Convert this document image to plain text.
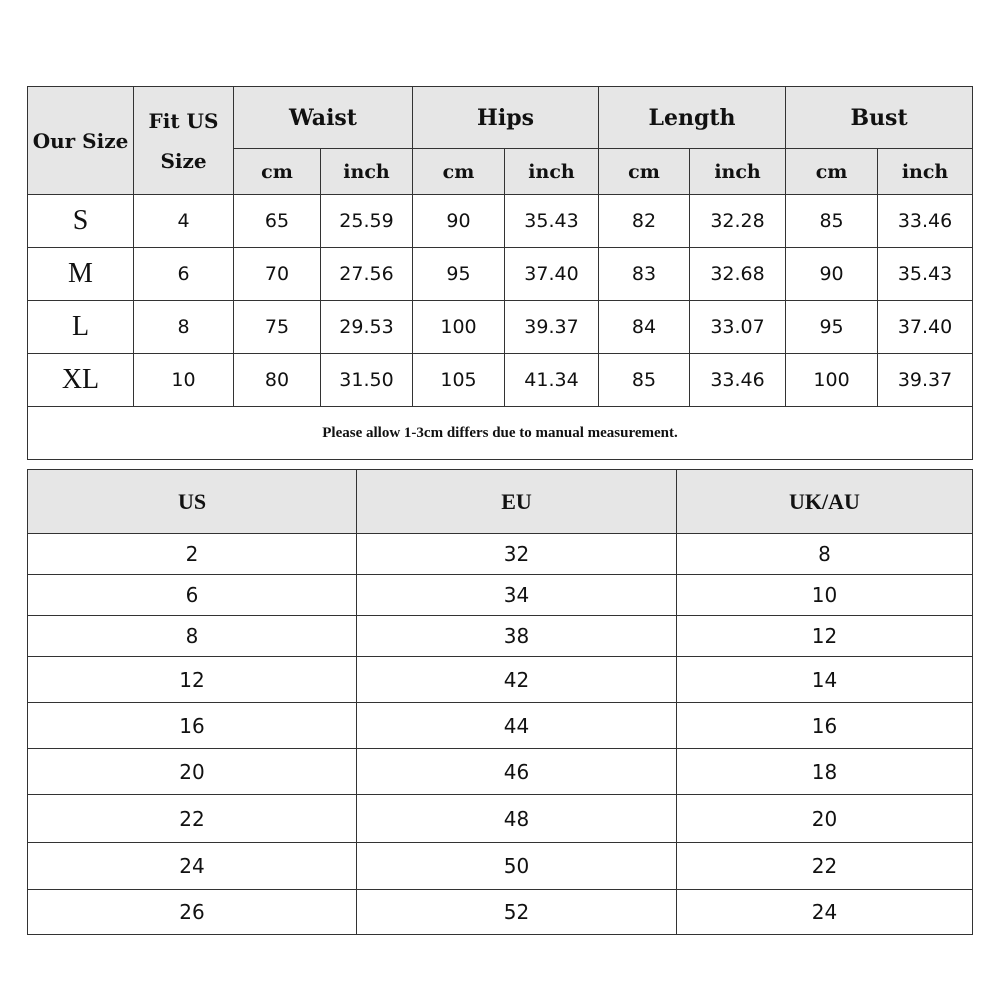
Our Size	Fit US Size	Waist		Hips		Length		Bust	
		cm	inch	cm	inch	cm	inch	cm	inch
S	4	65	25.59	90	35.43	82	32.28	85	33.46
M	6	70	27.56	95	37.40	83	32.68	90	35.43
L	8	75	29.53	100	39.37	84	33.07	95	37.40
XL	10	80	31.50	105	41.34	85	33.46	100	39.37
Please allow 1-3cm differs due to manual measurement.									
US	EU	UK/AU
2	32	8
6	34	10
8	38	12
12	42	14
16	44	16
20	46	18
22	48	20
24	50	22
26	52	24
